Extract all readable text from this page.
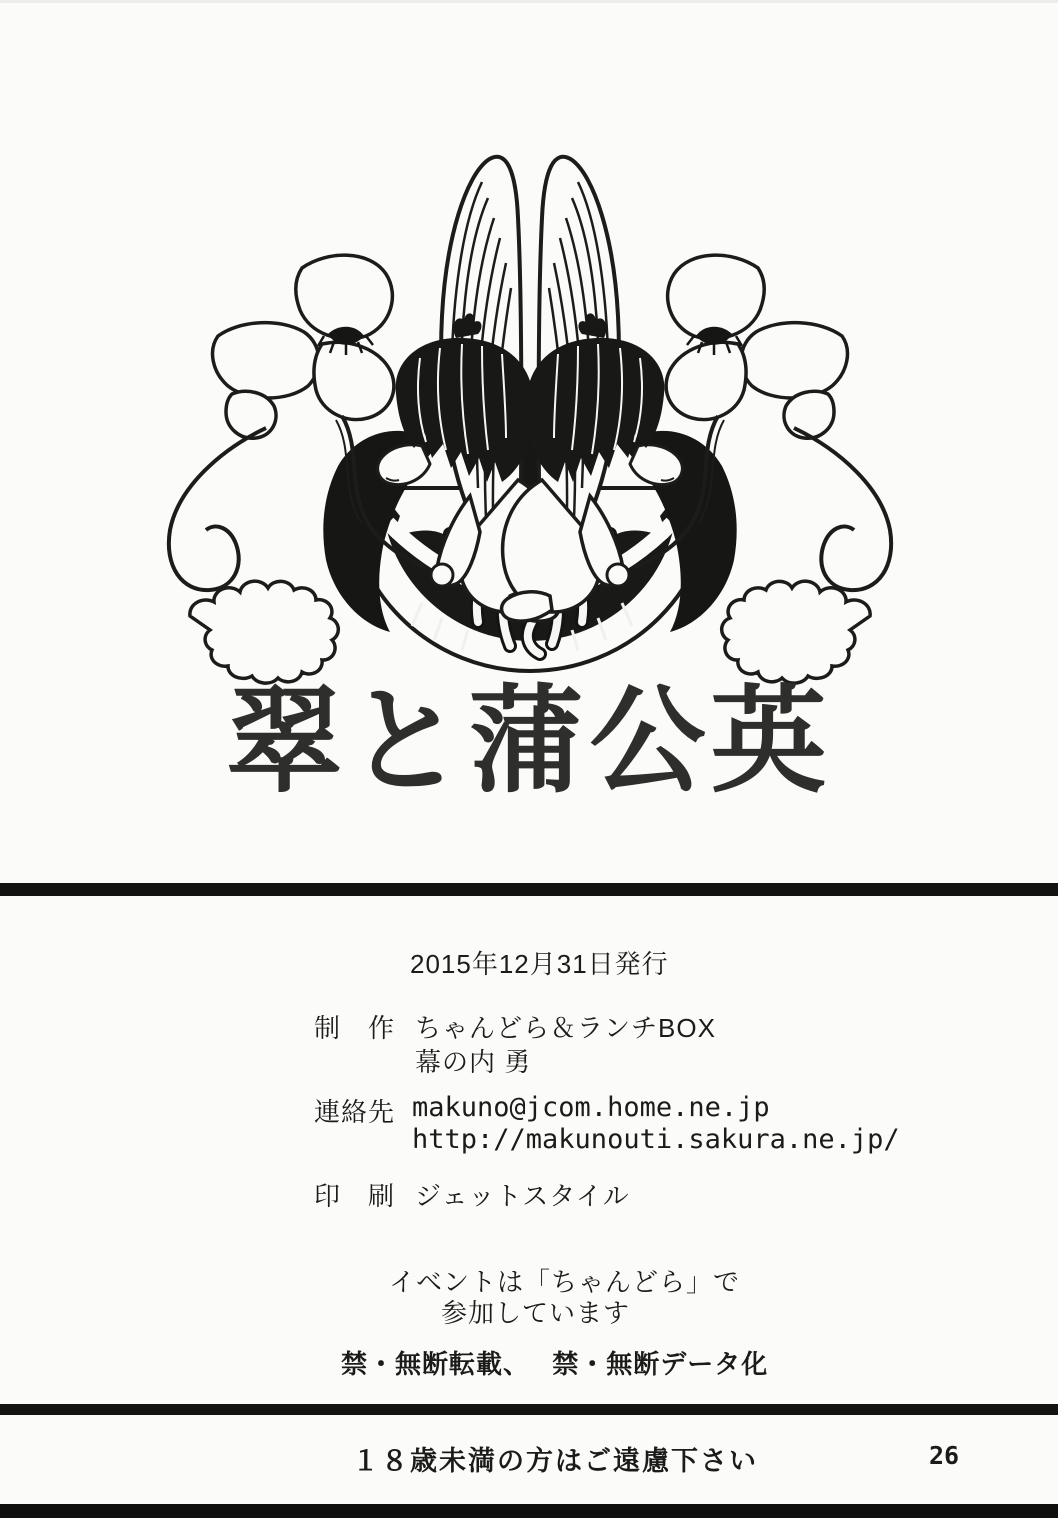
翠と蒲公英
2015年12月31日発行
制　作 ちゃんどら＆ランチBOX
幕の内 勇
連絡先 makuno@jcom.home.ne.jp
http://makunouti.sakura.ne.jp/
印　刷 ジェットスタイル
イベントは「ちゃんどら」で
参加しています
禁・無断転載、　 禁・無断データ化
１８歳未満の方はご遠慮下さい	26
